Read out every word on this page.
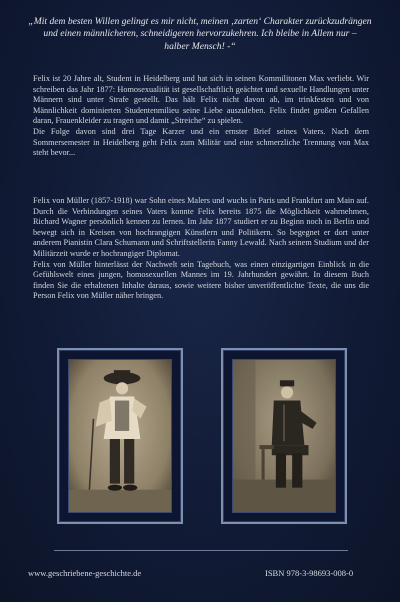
„Mit dem besten Willen gelingt es mir nicht, meinen ‚zarten‘ Charakter zurückzudrängen
und einen männlicheren, schneidigeren hervorzukehren. Ich bleibe in Allem nur –
halber Mensch! -“

Felix ist 20 Jahre alt, Student in Heidelberg und hat sich in seinen Kommilitonen Max verliebt. Wir schreiben das Jahr 1877: Homosexualität ist gesellschaftlich geächtet und sexuelle Handlungen unter Männern sind unter Strafe gestellt. Das hält Felix nicht davon ab, im trinkfesten und von Männlichkeit dominierten Studentenmilieu seine Liebe auszuleben. Felix findet großen Gefallen daran, Frauenkleider zu tragen und damit „Streiche“ zu spielen.

Die Folge davon sind drei Tage Karzer und ein ernster Brief seines Vaters. Nach dem Sommersemester in Heidelberg geht Felix zum Militär und eine schmerzliche Trennung von Max steht bevor...

Felix von Müller (1857-1918) war Sohn eines Malers und wuchs in Paris und Frankfurt am Main auf. Durch die Verbindungen seines Vaters konnte Felix bereits 1875 die Möglichkeit wahrnehmen, Richard Wagner persönlich kennen zu lernen. Im Jahr 1877 studiert er zu Beginn noch in Berlin und bewegt sich in Kreisen von hochrangigen Künstlern und Politikern. So begegnet er dort unter anderem Pianistin Clara Schumann und Schriftstellerin Fanny Lewald. Nach seinem Studium und der Militärzeit wurde er hochrangiger Diplomat.

Felix von Müller hinterlässt der Nachwelt sein Tagebuch, was einen einzigartigen Einblick in die Gefühlswelt eines jungen, homosexuellen Mannes im 19. Jahrhundert gewährt. In diesem Buch finden Sie die erhaltenen Inhalte daraus, sowie weitere bisher unveröffentlichte Texte, die uns die Person Felix von Müller näher bringen.

www.geschriebene-geschichte.de	ISBN 978-3-98693-008-0
